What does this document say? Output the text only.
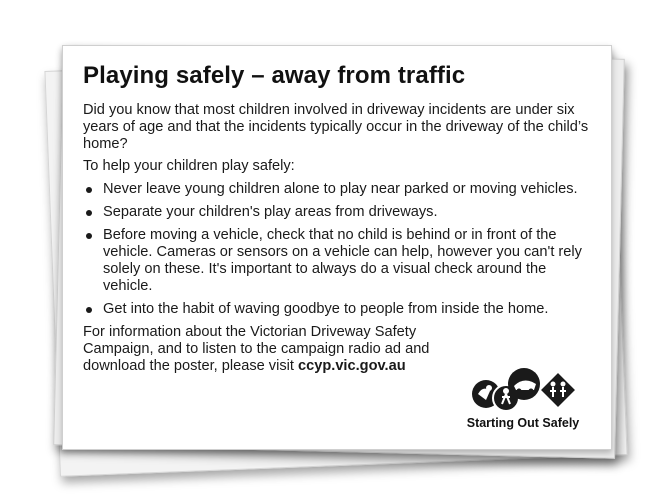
Playing safely – away from traffic

Did you know that most children involved in driveway incidents are under six years of age and that the incidents typically occur in the driveway of the child’s home?

To help your children play safely:

Never leave young children alone to play near parked or moving vehicles.
Separate your children's play areas from driveways.
Before moving a vehicle, check that no child is behind or in front of the vehicle. Cameras or sensors on a vehicle can help, however you can't rely solely on these. It's important to always do a visual check around the vehicle.
Get into the habit of waving goodbye to people from inside the home.

For information about the Victorian Driveway Safety Campaign, and to listen to the campaign radio ad and download the poster, please visit ccyp.vic.gov.au

Starting Out Safely
